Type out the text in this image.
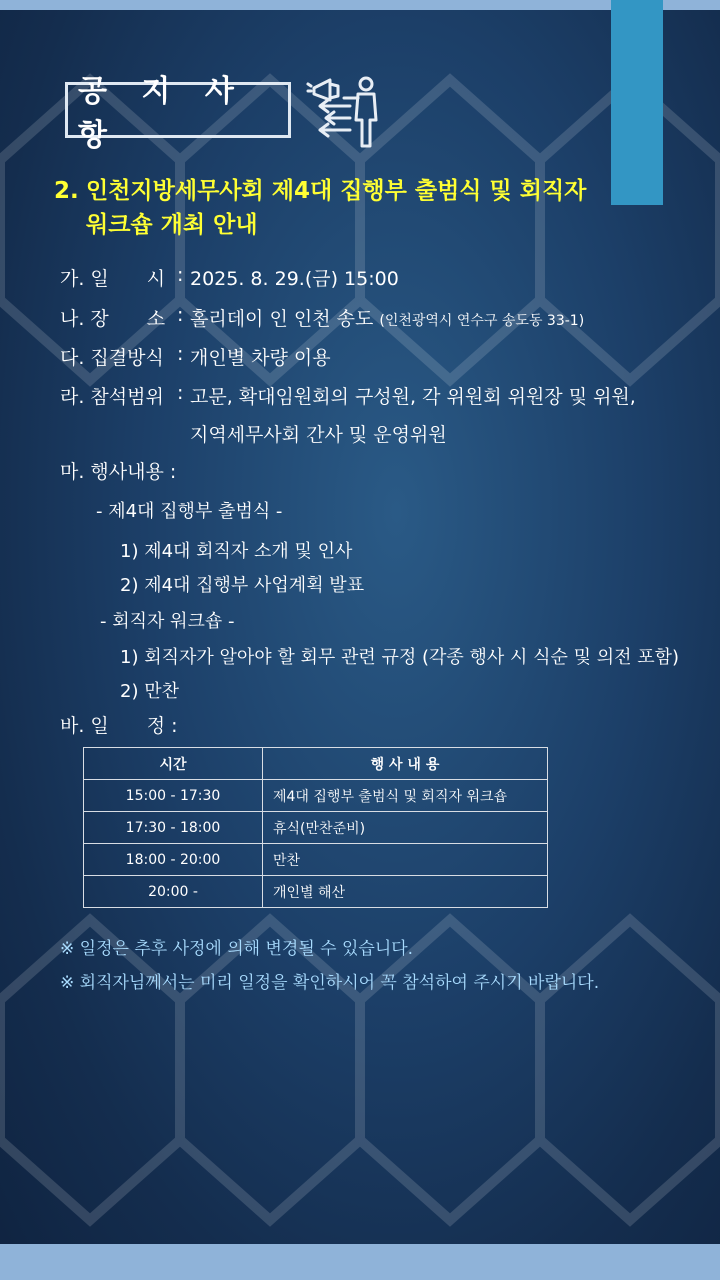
공 지 사 항
2. 인천지방세무사회 제4대 집행부 출범식 및 회직자
워크숍 개최 안내
가. 일　　시 : 2025. 8. 29.(금) 15:00
나. 장　　소 : 홀리데이 인 인천 송도 (인천광역시 연수구 송도동 33-1)
다. 집결방식 : 개인별 차량 이용
라. 참석범위 : 고문, 확대임원회의 구성원, 각 위원회 위원장 및 위원,
지역세무사회 간사 및 운영위원
마. 행사내용 :
- 제4대 집행부 출범식 -
1) 제4대 회직자 소개 및 인사
2) 제4대 집행부 사업계획 발표
- 회직자 워크숍 -
1) 회직자가 알아야 할 회무 관련 규정 (각종 행사 시 식순 및 의전 포함)
2) 만찬
바. 일　　정 :
시간	행 사 내 용
15:00 - 17:30	제4대 집행부 출범식 및 회직자 워크숍
17:30 - 18:00	휴식(만찬준비)
18:00 - 20:00	만찬
20:00 -	개인별 해산
※ 일정은 추후 사정에 의해 변경될 수 있습니다.
※ 회직자님께서는 미리 일정을 확인하시어 꼭 참석하여 주시기 바랍니다.
